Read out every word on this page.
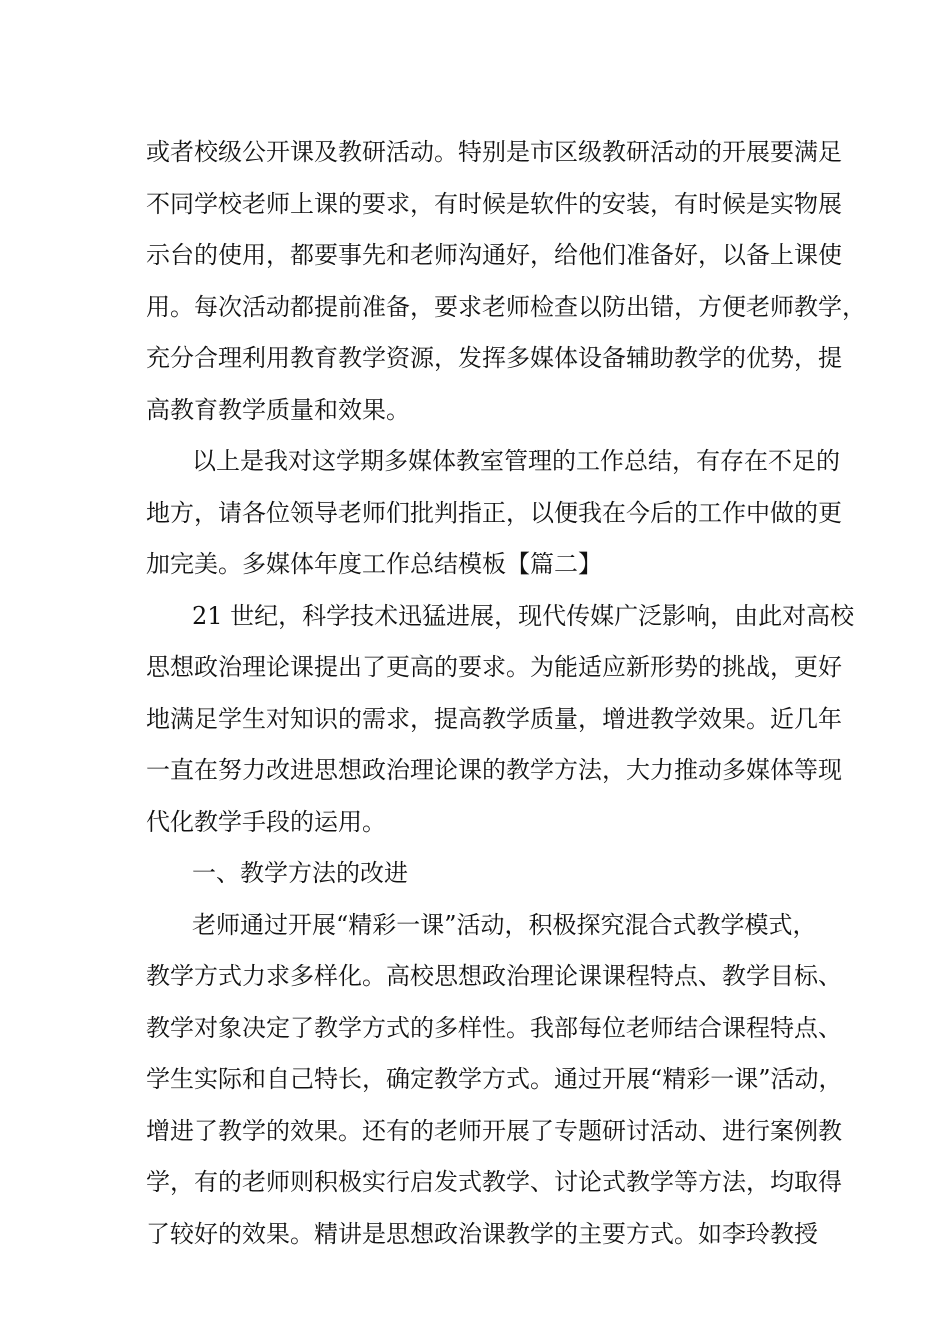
或者校级公开课及教研活动。特别是市区级教研活动的开展要满足
不同学校老师上课的要求，有时候是软件的安装，有时候是实物展
示台的使用，都要事先和老师沟通好，给他们准备好，以备上课使
用。每次活动都提前准备，要求老师检查以防出错，方便老师教学，
充分合理利用教育教学资源，发挥多媒体设备辅助教学的优势，提
高教育教学质量和效果。
以上是我对这学期多媒体教室管理的工作总结，有存在不足的
地方，请各位领导老师们批判指正，以便我在今后的工作中做的更
加完美。多媒体年度工作总结模板【篇二】
21 世纪，科学技术迅猛进展，现代传媒广泛影响，由此对高校
思想政治理论课提出了更高的要求。为能适应新形势的挑战，更好
地满足学生对知识的需求，提高教学质量，增进教学效果。近几年
一直在努力改进思想政治理论课的教学方法，大力推动多媒体等现
代化教学手段的运用。
一、教学方法的改进
老师通过开展“精彩一课”活动，积极探究混合式教学模式，
教学方式力求多样化。高校思想政治理论课课程特点、教学目标、
教学对象决定了教学方式的多样性。我部每位老师结合课程特点、
学生实际和自己特长，确定教学方式。通过开展“精彩一课”活动，
增进了教学的效果。还有的老师开展了专题研讨活动、进行案例教
学，有的老师则积极实行启发式教学、讨论式教学等方法，均取得
了较好的效果。精讲是思想政治课教学的主要方式。如李玲教授
